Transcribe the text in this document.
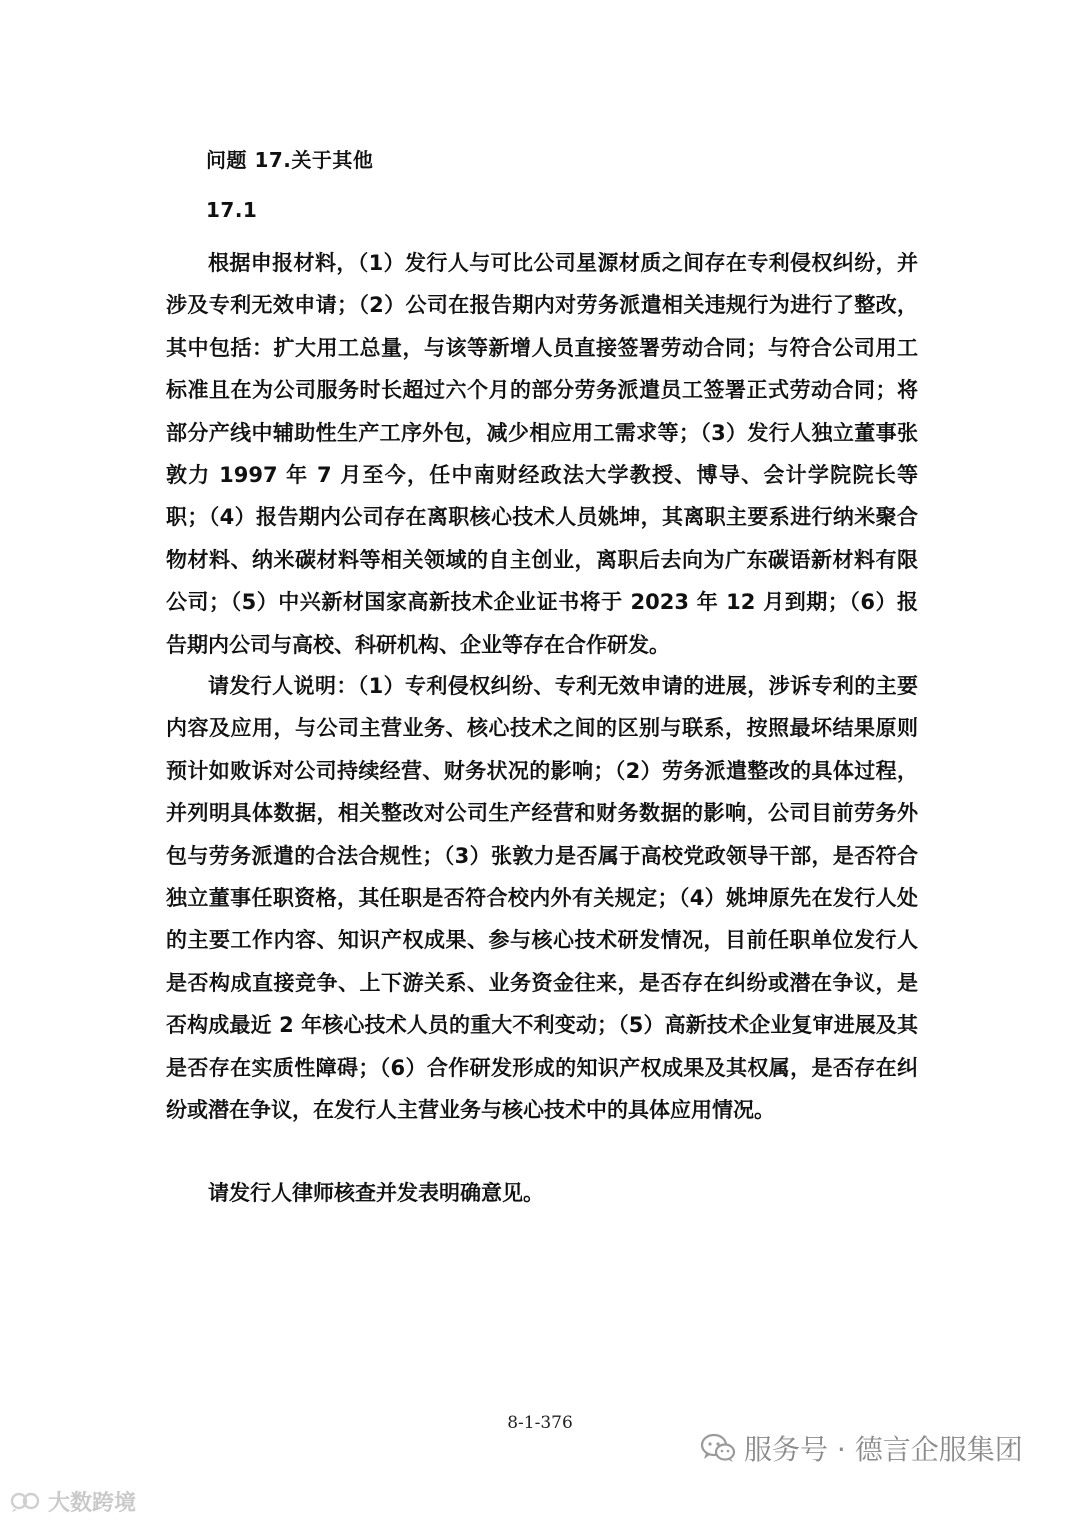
问题 17.关于其他
17.1

根据申报材料，（1）发行人与可比公司星源材质之间存在专利侵权纠纷，并涉及专利无效申请；（2）公司在报告期内对劳务派遣相关违规行为进行了整改，其中包括：扩大用工总量，与该等新增人员直接签署劳动合同；与符合公司用工标准且在为公司服务时长超过六个月的部分劳务派遣员工签署正式劳动合同；将部分产线中辅助性生产工序外包，减少相应用工需求等；（3）发行人独立董事张敦力 1997 年 7 月至今，任中南财经政法大学教授、博导、会计学院院长等职；（4）报告期内公司存在离职核心技术人员姚坤，其离职主要系进行纳米聚合物材料、纳米碳材料等相关领域的自主创业，离职后去向为广东碳语新材料有限公司；（5）中兴新材国家高新技术企业证书将于 2023 年 12 月到期；（6）报告期内公司与高校、科研机构、企业等存在合作研发。

请发行人说明：（1）专利侵权纠纷、专利无效申请的进展，涉诉专利的主要内容及应用，与公司主营业务、核心技术之间的区别与联系，按照最坏结果原则预计如败诉对公司持续经营、财务状况的影响；（2）劳务派遣整改的具体过程，并列明具体数据，相关整改对公司生产经营和财务数据的影响，公司目前劳务外包与劳务派遣的合法合规性；（3）张敦力是否属于高校党政领导干部，是否符合独立董事任职资格，其任职是否符合校内外有关规定；（4）姚坤原先在发行人处的主要工作内容、知识产权成果、参与核心技术研发情况，目前任职单位发行人是否构成直接竞争、上下游关系、业务资金往来，是否存在纠纷或潜在争议，是否构成最近 2 年核心技术人员的重大不利变动；（5）高新技术企业复审进展及其是否存在实质性障碍；（6）合作研发形成的知识产权成果及其权属，是否存在纠纷或潜在争议，在发行人主营业务与核心技术中的具体应用情况。

请发行人律师核查并发表明确意见。

8-1-376
服务号 · 德言企服集团
大数跨境
